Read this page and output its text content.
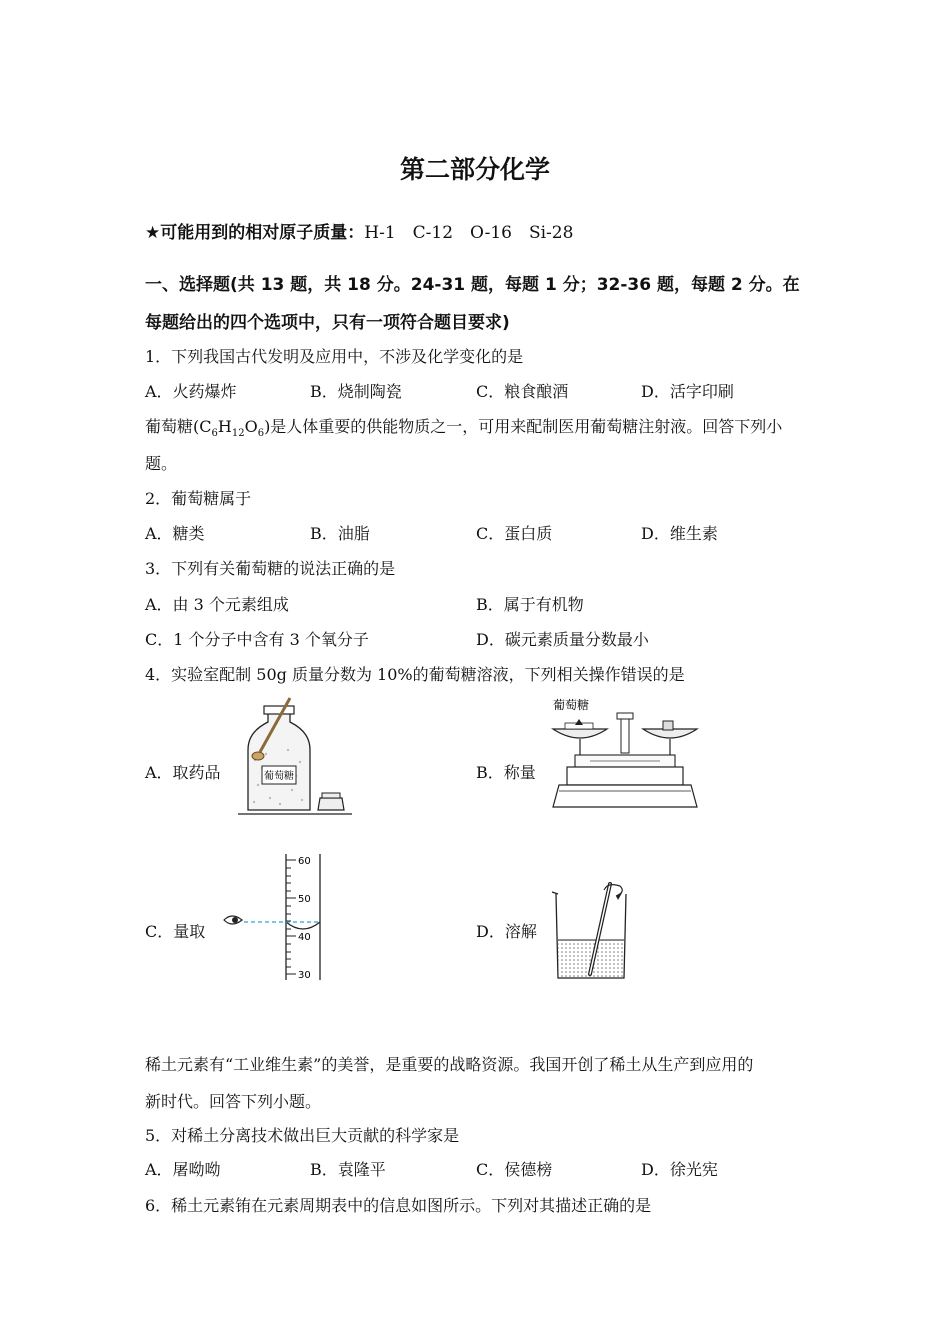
第二部分化学
★可能用到的相对原子质量：H-1　C-12　O-16　Si-28
一、选择题(共 13 题，共 18 分。24-31 题，每题 1 分；32-36 题，每题 2 分。在
每题给出的四个选项中，只有一项符合题目要求)
1．下列我国古代发明及应用中，不涉及化学变化的是
A．火药爆炸	B．烧制陶瓷	C．粮食酿酒	D．活字印刷
葡萄糖$(C_6H_{12}O_6)$是人体重要的供能物质之一，可用来配制医用葡萄糖注射液。回答下列小
题。
2．葡萄糖属于
A．糖类	B．油脂	C．蛋白质	D．维生素
3．下列有关葡萄糖的说法正确的是
A．由 3 个元素组成	B．属于有机物
C．1 个分子中含有 3 个氧分子	D．碳元素质量分数最小
4．实验室配制 50g 质量分数为 10%的葡萄糖溶液，下列相关操作错误的是
A．取药品	B．称量
C．量取	D．溶解
葡萄糖
葡萄糖
60
50
40
30
稀土元素有“工业维生素”的美誉，是重要的战略资源。我国开创了稀土从生产到应用的
新时代。回答下列小题。
5．对稀土分离技术做出巨大贡献的科学家是
A．屠呦呦	B．袁隆平	C．侯德榜	D．徐光宪
6．稀土元素铕在元素周期表中的信息如图所示。下列对其描述正确的是
